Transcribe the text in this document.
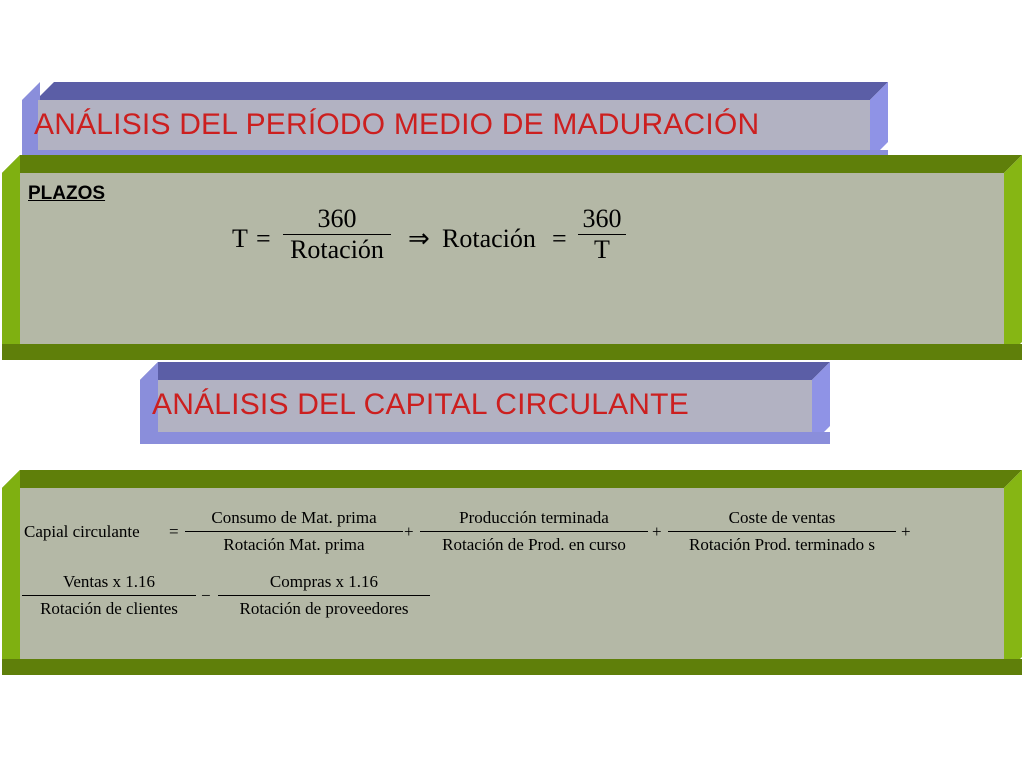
ANÁLISIS DEL PERÍODO MEDIO DE MADURACIÓN
PLAZOS
T =
360
Rotación ⇒ Rotación =
360
T
ANÁLISIS DEL CAPITAL CIRCULANTE
Capial circulante =
Consumo de Mat. prima
Rotación Mat. prima
+
Producción terminada
Rotación de Prod. en curso
+
Coste de ventas
Rotación Prod. terminado s
+
Ventas x 1.16
Rotación de clientes
−
Compras x 1.16
Rotación de proveedores
